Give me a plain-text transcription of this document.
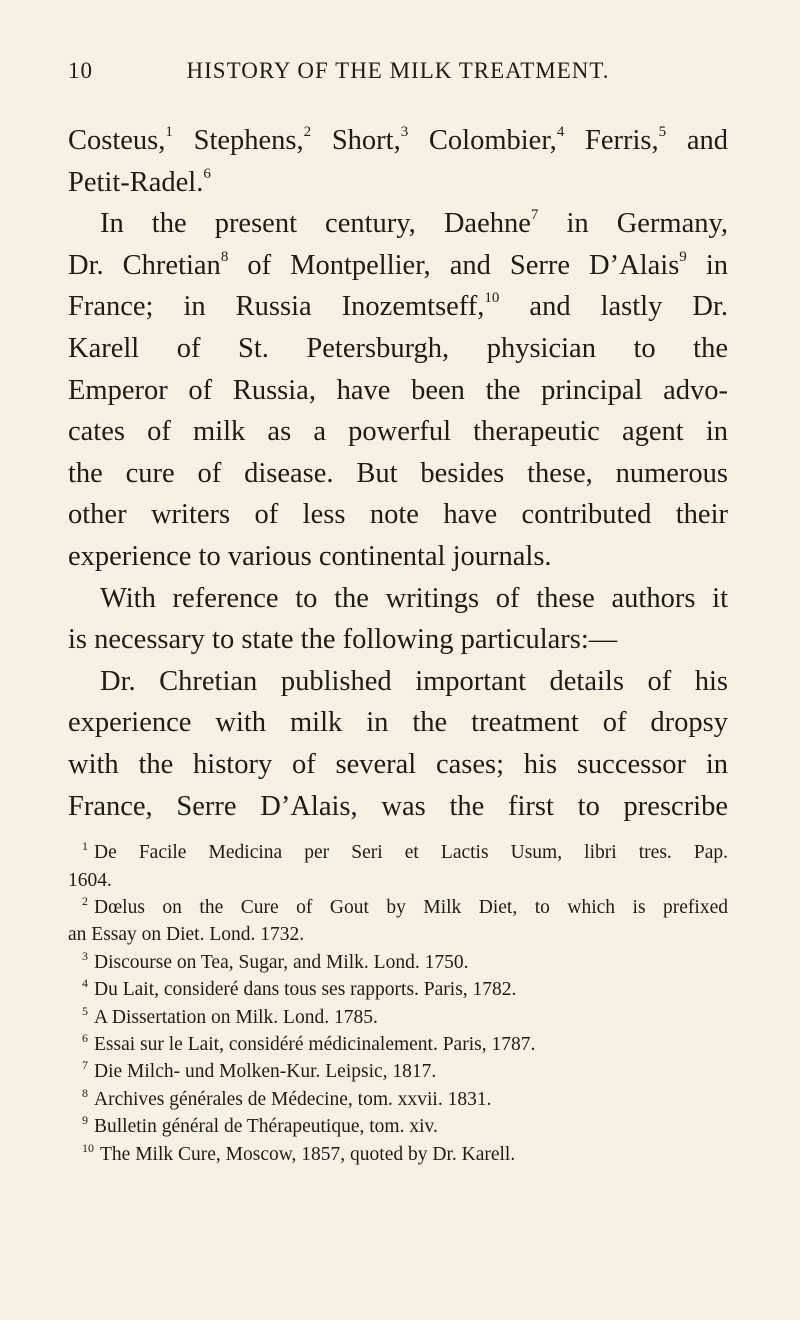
10	HISTORY OF THE MILK TREATMENT.
Costeus,$^1$ Stephens,$^2$ Short,$^3$ Colombier,$^4$ Ferris,$^5$ and
Petit-Radel.$^6$
In the present century, Daehne$^7$ in Germany,
Dr. Chretian$^8$ of Montpellier, and Serre D’Alais$^9$ in
France; in Russia Inozemtseff,$^{10}$ and lastly Dr.
Karell of St. Petersburgh, physician to the
Emperor of Russia, have been the principal advo-
cates of milk as a powerful therapeutic agent in
the cure of disease. But besides these, numerous
other writers of less note have contributed their
experience to various continental journals.
With reference to the writings of these authors it
is necessary to state the following particulars:—
Dr. Chretian published important details of his
experience with milk in the treatment of dropsy
with the history of several cases; his successor in
France, Serre D’Alais, was the first to prescribe
$^1$ De Facile Medicina per Seri et Lactis Usum, libri tres. Pap.
1604.
$^2$ Dœlus on the Cure of Gout by Milk Diet, to which is prefixed
an Essay on Diet. Lond. 1732.
$^3$ Discourse on Tea, Sugar, and Milk. Lond. 1750.
$^4$ Du Lait, consideré dans tous ses rapports. Paris, 1782.
$^5$ A Dissertation on Milk. Lond. 1785.
$^6$ Essai sur le Lait, considéré médicinalement. Paris, 1787.
$^7$ Die Milch- und Molken-Kur. Leipsic, 1817.
$^8$ Archives générales de Médecine, tom. xxvii. 1831.
$^9$ Bulletin général de Thérapeutique, tom. xiv.
$^{10}$ The Milk Cure, Moscow, 1857, quoted by Dr. Karell.
